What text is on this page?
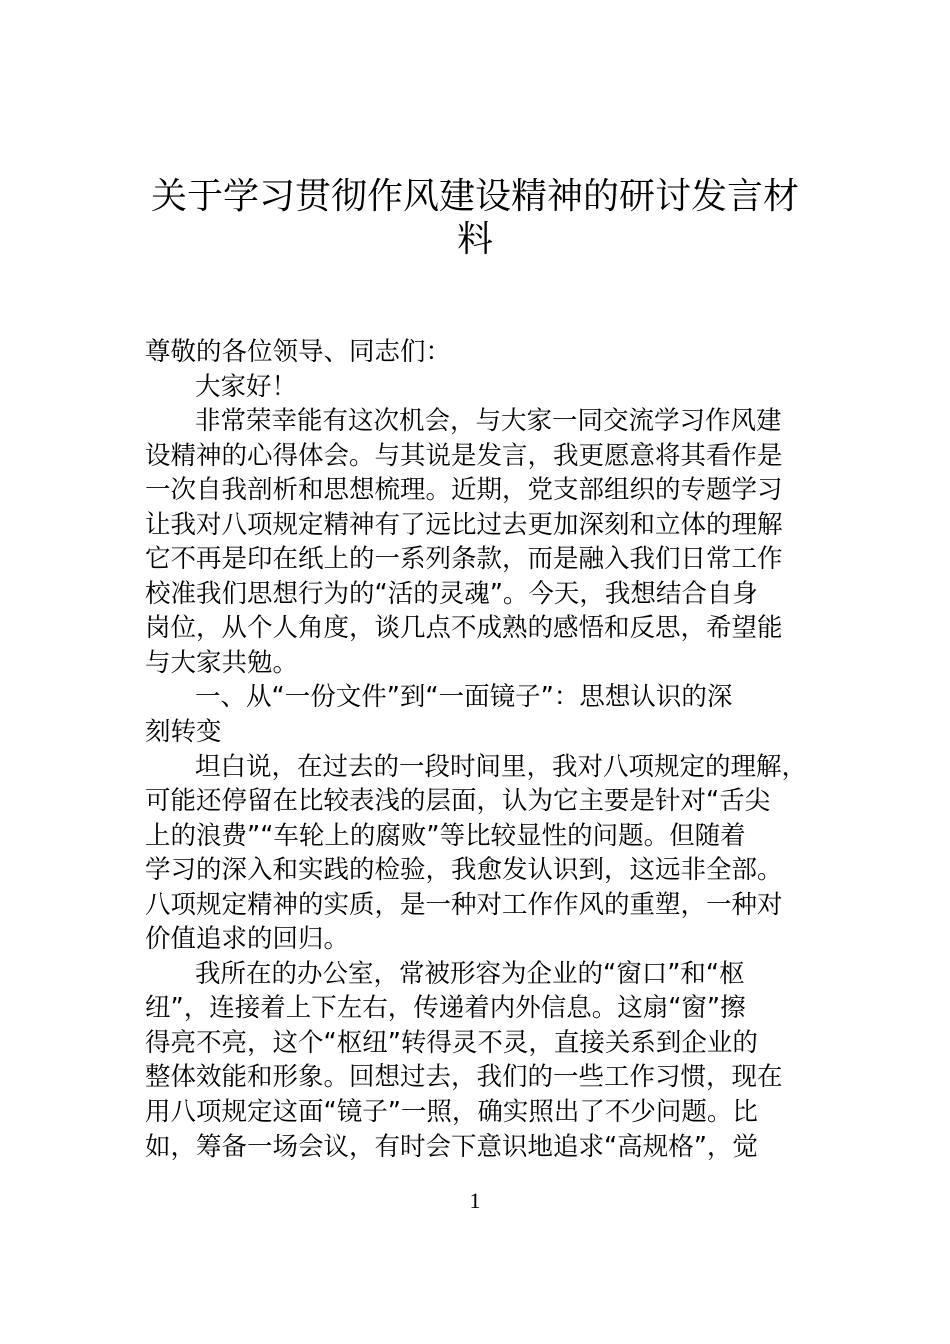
关于学习贯彻作风建设精神的研讨发言材
料
尊敬的各位领导、同志们：
大家好！
非常荣幸能有这次机会，与大家一同交流学习作风建
设精神的心得体会。与其说是发言，我更愿意将其看作是
一次自我剖析和思想梳理。近期，党支部组织的专题学习
让我对八项规定精神有了远比过去更加深刻和立体的理解
它不再是印在纸上的一系列条款，而是融入我们日常工作
校准我们思想行为的“活的灵魂”。今天，我想结合自身
岗位，从个人角度，谈几点不成熟的感悟和反思，希望能
与大家共勉。
一、从“一份文件”到“一面镜子”：思想认识的深
刻转变
坦白说，在过去的一段时间里，我对八项规定的理解，
可能还停留在比较表浅的层面，认为它主要是针对“舌尖
上的浪费”“车轮上的腐败”等比较显性的问题。但随着
学习的深入和实践的检验，我愈发认识到，这远非全部。
八项规定精神的实质，是一种对工作作风的重塑，一种对
价值追求的回归。
我所在的办公室，常被形容为企业的“窗口”和“枢
纽”，连接着上下左右，传递着内外信息。这扇“窗”擦
得亮不亮，这个“枢纽”转得灵不灵，直接关系到企业的
整体效能和形象。回想过去，我们的一些工作习惯，现在
用八项规定这面“镜子”一照，确实照出了不少问题。比
如，筹备一场会议，有时会下意识地追求“高规格”，觉
1
